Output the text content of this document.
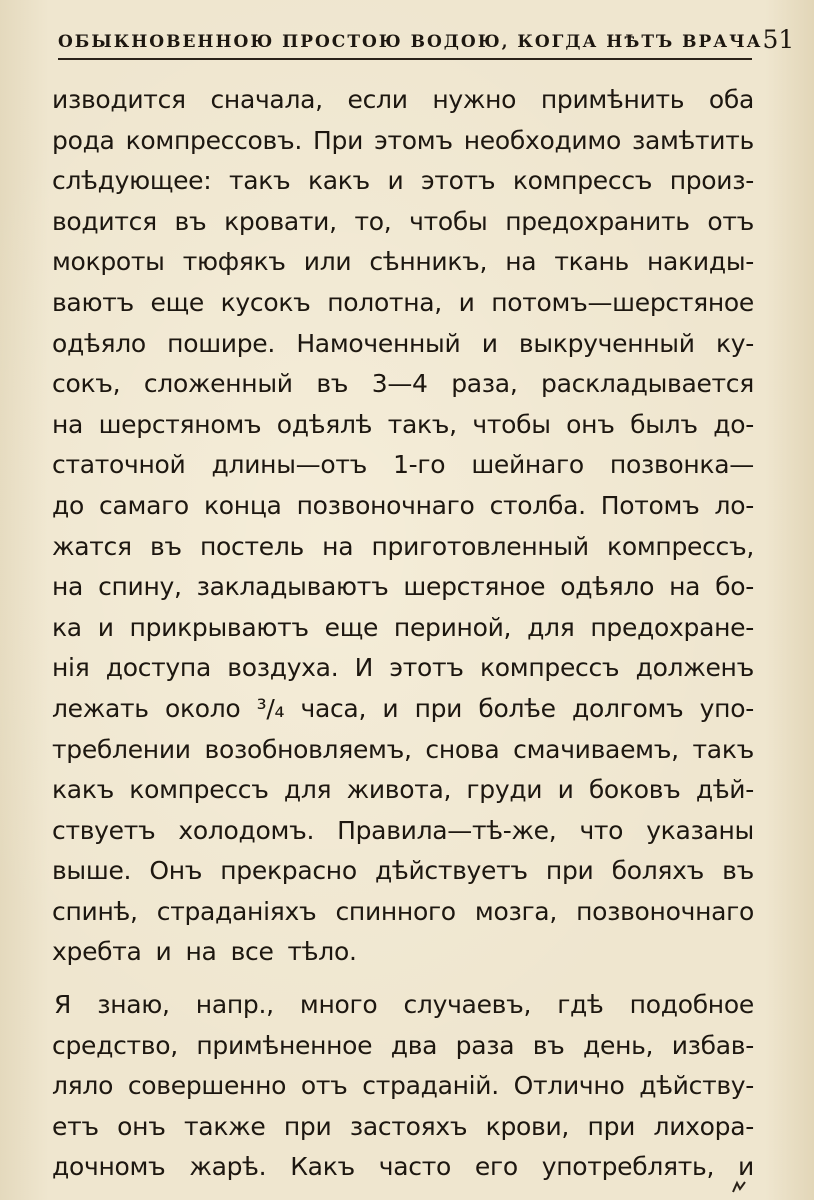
ОБЫКНОВЕННОЮ ПРОСТОЮ ВОДОЮ, КОГДА НѢТЪ ВРАЧА 51
изводится сначала, если нужно примѣнить оба
рода компрессовъ. При этомъ необходимо замѣтить
слѣдующее: такъ какъ и этотъ компрессъ произ-
водится въ кровати, то, чтобы предохранить отъ
мокроты тюфякъ или сѣнникъ, на ткань накиды-
ваютъ еще кусокъ полотна, и потомъ—шерстяное
одѣяло пошире. Намоченный и выкрученный ку-
сокъ, сложенный въ 3—4 раза, раскладывается
на шерстяномъ одѣялѣ такъ, чтобы онъ былъ до-
статочной длины—отъ 1-го шейнаго позвонка—
до самаго конца позвоночнаго столба. Потомъ ло-
жатся въ постель на приготовленный компрессъ,
на спину, закладываютъ шерстяное одѣяло на бо-
ка и прикрываютъ еще периной, для предохране-
нія доступа воздуха. И этотъ компрессъ долженъ
лежать около ³/₄ часа, и при болѣе долгомъ упо-
треблении возобновляемъ, снова смачиваемъ, такъ
какъ компрессъ для живота, груди и боковъ дѣй-
ствуетъ холодомъ. Правила—тѣ-же, что указаны
выше. Онъ прекрасно дѣйствуетъ при боляхъ въ
спинѣ, страданiяхъ спинного мозга, позвоночнаго
хребта и на все тѣло.
Я знаю, напр., много случаевъ, гдѣ подобное
средство, примѣненное два раза въ день, избав-
ляло совершенно отъ страданiй. Отлично дѣйству-
етъ онъ также при застояхъ крови, при лихора-
дочномъ жарѣ. Какъ часто его употреблять, и
